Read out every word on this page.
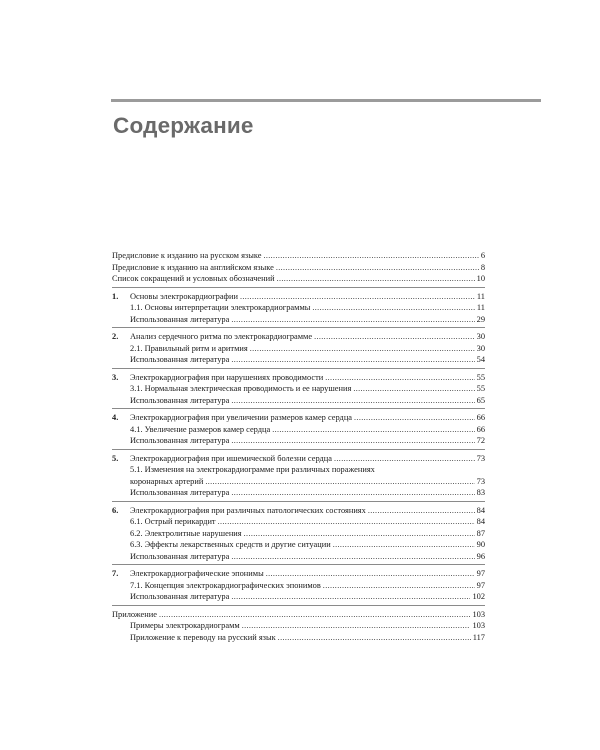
Содержание
Предисловие к изданию на русском языке . . .	6
Предисловие к изданию на английском языке . . .	8
Список сокращений и условных обозначений . . .	10
1.	Основы электрокардиографии . . .	11
1.1. Основы интерпретации электрокардиограммы . . .	11
Использованная литература . . .	29
2.	Анализ сердечного ритма по электрокардиограмме . . .	30
2.1. Правильный ритм и аритмия . . .	30
Использованная литература . . .	54
3.	Электрокардиография при нарушениях проводимости . . .	55
3.1. Нормальная электрическая проводимость и ее нарушения . . .	55
Использованная литература . . .	65
4.	Электрокардиография при увеличении размеров камер сердца . . .	66
4.1. Увеличение размеров камер сердца . . .	66
Использованная литература . . .	72
5.	Электрокардиография при ишемической болезни сердца . . .	73
5.1. Изменения на электрокардиограмме при различных поражениях
коронарных артерий . . .	73
Использованная литература . . .	83
6.	Электрокардиография при различных патологических состояниях . . .	84
6.1. Острый перикардит . . .	84
6.2. Электролитные нарушения . . .	87
6.3. Эффекты лекарственных средств и другие ситуации . . .	90
Использованная литература . . .	96
7.	Электрокардиографические эпонимы . . .	97
7.1. Концепция электрокардиографических эпонимов . . .	97
Использованная литература . . .	102
Приложение . . .	103
Примеры электрокардиограмм . . .	103
Приложение к переводу на русский язык . . .	117
